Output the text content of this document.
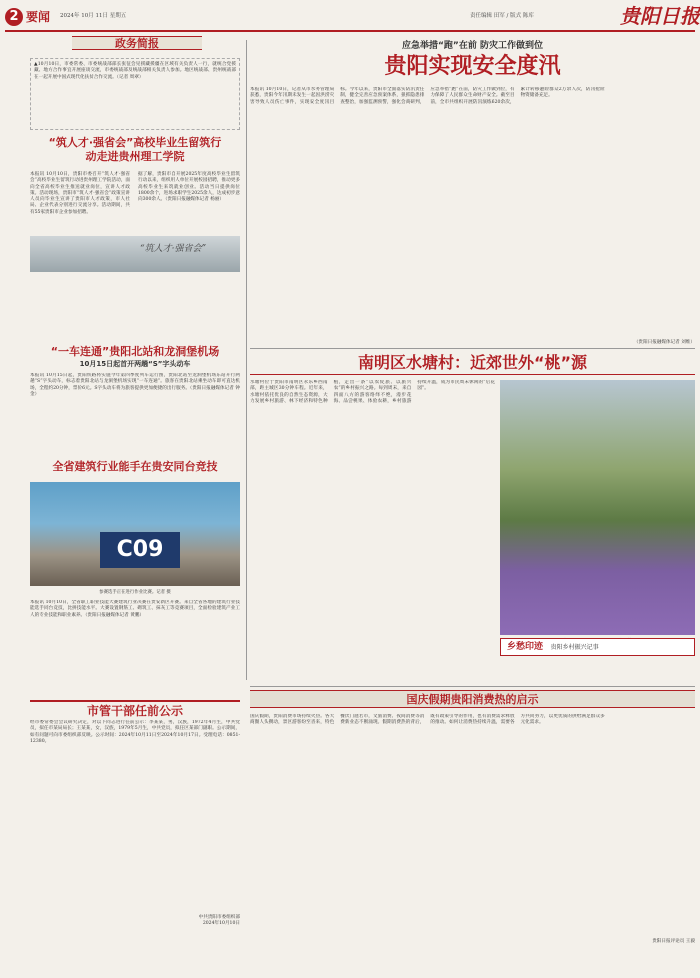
2 要闻 2024年 10月 11日 星期五	责任编辑 田军 / 版式 陈库	贵阳日报
政务简报
▲10月10日，市委常委、市委统战部部长张征会见援藏援疆在区域有关负责人一行，就统合党援藏、地方合作事宜开展座谈交流，市委统战部及统战部相关负责人参加。地区统战部、贵州统战部在一起开展中国式现代化扶贫合作交流。（记者 周翠）
“筑人才·强省会”高校毕业生留筑行动走进贵州理工学院
本报讯 10月10日，贵阳市委召开“筑人才·强省会”高校毕业生留筑行动进贵州理工学院活动，面向全省高校毕业生推送就业岗位，宣讲人才政策。活动现场，贵阳市“筑人才·强省会”政策宣讲人员向毕业生宣讲了贵阳市人才政策，市人社局、企业代表分别进行交流分享。活动期间，共有55家贵阳市企业参加招聘。
据了解，贵阳市自开展2025年度高校毕业生留筑行动以来，组织用人单位开展校园招聘，推动更多高校毕业生来筑就业创业。活动当日提供岗位1800余个，进场求职学生2025余人，达成初步意向300余人。（贵阳日报融媒体记者 杨丽）
“筑人才·强省会”
“一车连通”贵阳北站和龙洞堡机场
10月15日起首开两趟“S”字头动车
本报讯 10月15日起，贵阳铁路将实施今年第四季度列车运行图，贵阳北站至龙洞堡机场东站开行两趟“S”字头动车，标志着贵阳北站与龙洞堡机场实现“一车连通”。旅客在贵阳北站乘坐动车即可直达机场，全程约20分钟，票价6元。S字头动车将为旅客提供更加便捷的出行服务。（贵阳日报融媒体记者 钟金）
全省建筑行业能手在贵安同台竞技
C09
参赛选手正在进行作业比赛。记者 摄
本报讯 10月10日，全省职工职业技能大赛建筑行业决赛在贵安新区开赛。来自全省各地的建筑行业技能选手同台竞技，比拼技能水平。大赛设置钢筋工、砌筑工、抹灰工等竞赛项目，全面检验建筑产业工人的专业技能和职业素养。（贵阳日报融媒体记者 黄鹏）
市管干部任前公示
经市委常委会会议研究决定，对以下同志进行任前公示：李某某，男，汉族，1972年4月生，中共党员，拟任市某局局长；王某某，女，汉族，1979年5月生，中共党员，拟任区某部门副职。公示期间，如有问题可向市委组织部反映。公示时间：2024年10月11日至2024年10月17日。受理电话：0851-12380。
中共贵阳市委组织部
2024年10月10日
应急举措“跑”在前 防灾工作做到位
贵阳实现安全度汛
本报讯 10月10日，记者从市水务管理局获悉，贵阳今年汛期未发生一起因洪涝灾害导致人员伤亡事件，实现安全度汛目标。今年以来，贵阳市全面落实防汛责任制，健全完善应急预案体系，狠抓隐患排查整治，加强监测预警，强化会商研判，应急举措“跑”在前，防灾工作做到位，有力保障了人民群众生命财产安全。截至目前，全市共组织开展防汛演练620余次，累计转移避险群众2万余人次，防汛抢险物资储备充足。
（贵阳日报融媒体记者 刘维）
南明区水塘村：近郊世外“桃”源
水塘村位于贵阳市南明区永乐乡西南部，距主城区30分钟车程。近年来，水塘村依托优良的自然生态资源，大力发展乡村旅游、林下经济和特色种植，走出一条“以农促旅、以旅兴农”的乡村振兴之路。每到周末，来自四面八方的游客络绎不绝，漫步花海、品尝桃果、体验农耕，乡村旅游持续升温，成为市民周末休闲的“后花园”。
乡愁印迹 贵阳乡村振兴记事
国庆假期贵阳消费热的启示
国庆假期，贵阳消费市场持续火热。各大商圈人头攒动，景区游客纷至沓来，特色餐饮门庭若市，文旅消费、夜间消费等消费新业态不断涌现。假期消费热的背后，既有政策引导的作用，也有消费需求释放的推动。如何让消费热持续升温，需要各方共同努力，以更优质的供给满足群众多元化需求。
贵阳日报评论员 王毅
